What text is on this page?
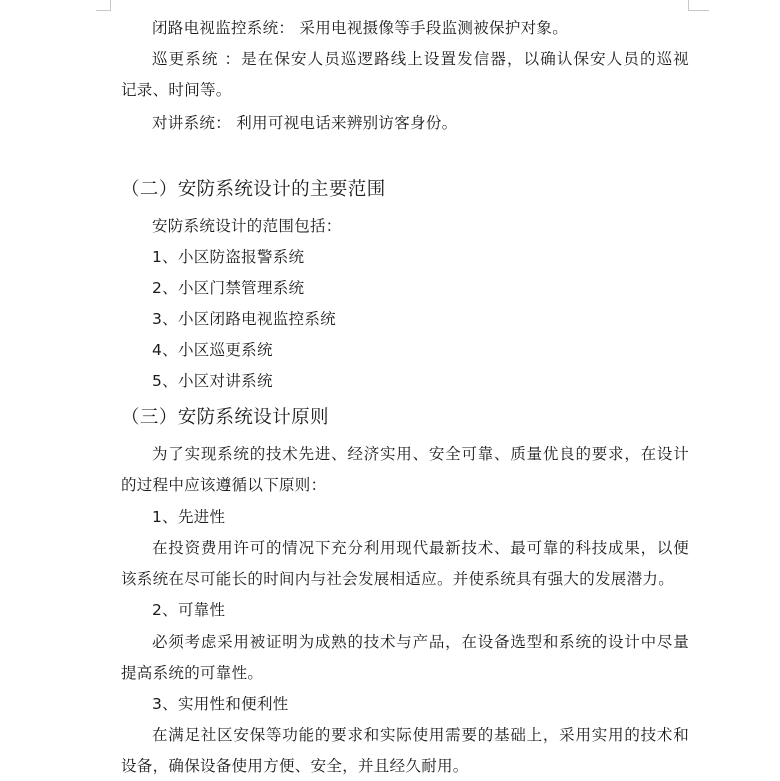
闭路电视监控系统： 采用电视摄像等手段监测被保护对象。
巡更系统 ：是在保安人员巡逻路线上设置发信器，以确认保安人员的巡视
记录、时间等。
对讲系统： 利用可视电话来辨别访客身份。
（二）安防系统设计的主要范围
安防系统设计的范围包括：
1、小区防盗报警系统
2、小区门禁管理系统
3、小区闭路电视监控系统
4、小区巡更系统
5、小区对讲系统
（三）安防系统设计原则
为了实现系统的技术先进、经济实用、安全可靠、质量优良的要求，在设计
的过程中应该遵循以下原则：
1、先进性
在投资费用许可的情况下充分利用现代最新技术、最可靠的科技成果，以便
该系统在尽可能长的时间内与社会发展相适应。并使系统具有强大的发展潜力。
2、可靠性
必须考虑采用被证明为成熟的技术与产品，在设备选型和系统的设计中尽量
提高系统的可靠性。
3、实用性和便利性
在满足社区安保等功能的要求和实际使用需要的基础上，采用实用的技术和
设备，确保设备使用方便、安全，并且经久耐用。
